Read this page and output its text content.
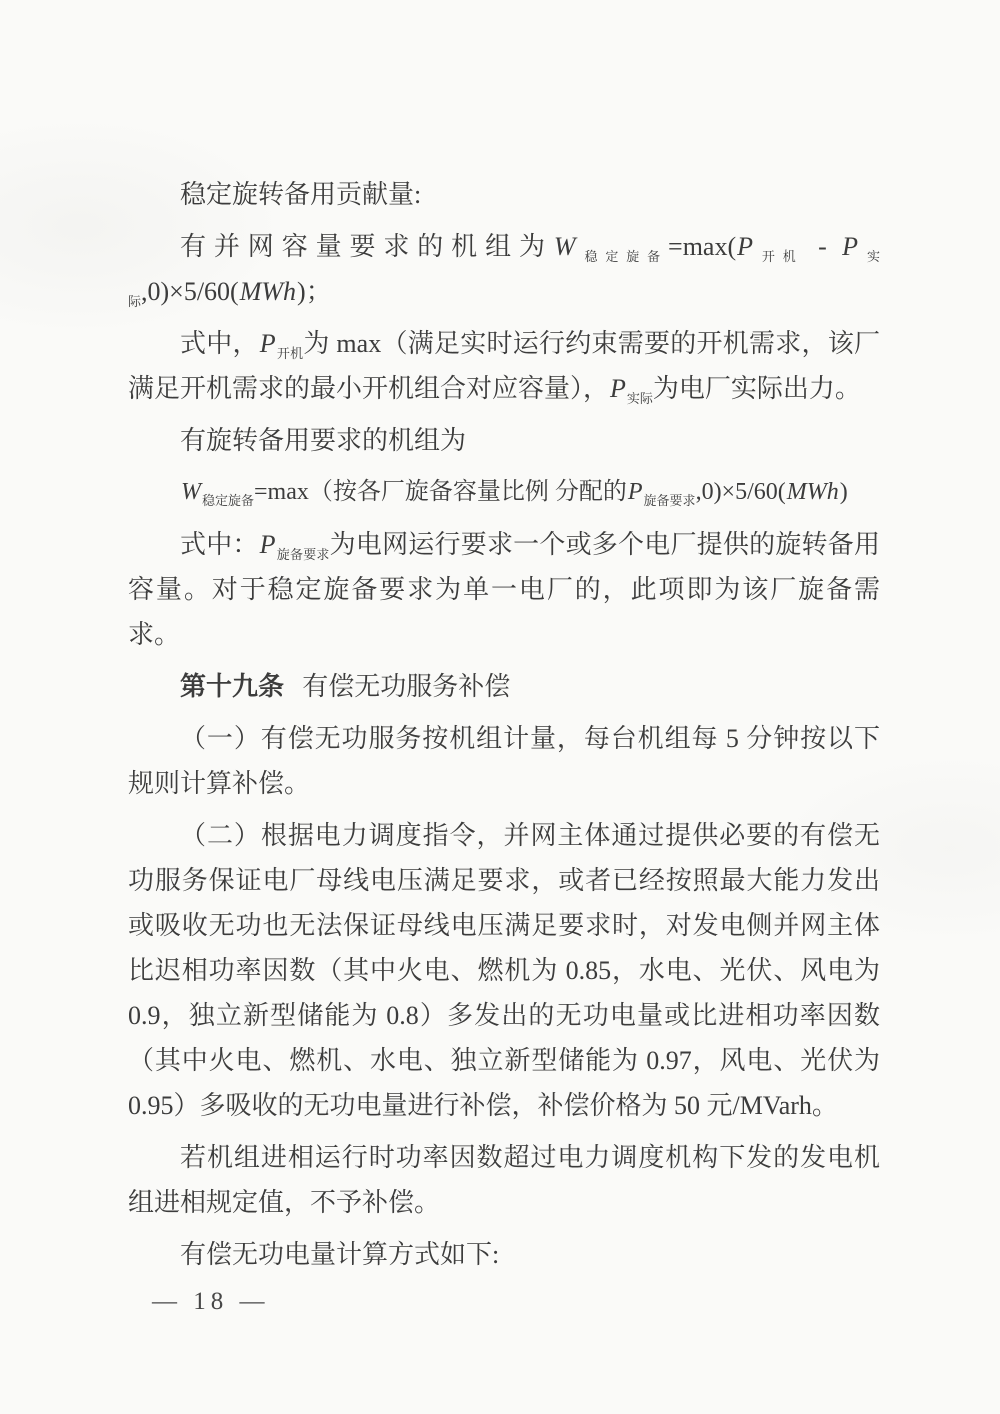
稳定旋转备用贡献量:

有并网容量要求的机组为$W_{稳定旋备}=\max(P_{开机} - P_{实际},0)\times 5/60(MWh)$；

式中，$P_{开机}$为 max（满足实时运行约束需要的开机需求，该厂满足开机需求的最小开机组合对应容量），$P_{实际}$为电厂实际出力。

有旋转备用要求的机组为

$W_{稳定旋备}=\max$（按各厂旋备容量比例 分配的$P_{旋备要求},0)\times 5/60(MWh)$

式中：$P_{旋备要求}$为电网运行要求一个或多个电厂提供的旋转备用容量。对于稳定旋备要求为单一电厂的，此项即为该厂旋备需求。

第十九条 有偿无功服务补偿

（一）有偿无功服务按机组计量，每台机组每 5 分钟按以下规则计算补偿。

（二）根据电力调度指令，并网主体通过提供必要的有偿无功服务保证电厂母线电压满足要求，或者已经按照最大能力发出或吸收无功也无法保证母线电压满足要求时，对发电侧并网主体比迟相功率因数（其中火电、燃机为 0.85，水电、光伏、风电为 0.9，独立新型储能为 0.8）多发出的无功电量或比进相功率因数（其中火电、燃机、水电、独立新型储能为 0.97，风电、光伏为 0.95）多吸收的无功电量进行补偿，补偿价格为 50 元/MVarh。

若机组进相运行时功率因数超过电力调度机构下发的发电机组进相规定值，不予补偿。

有偿无功电量计算方式如下:

— 18 —
